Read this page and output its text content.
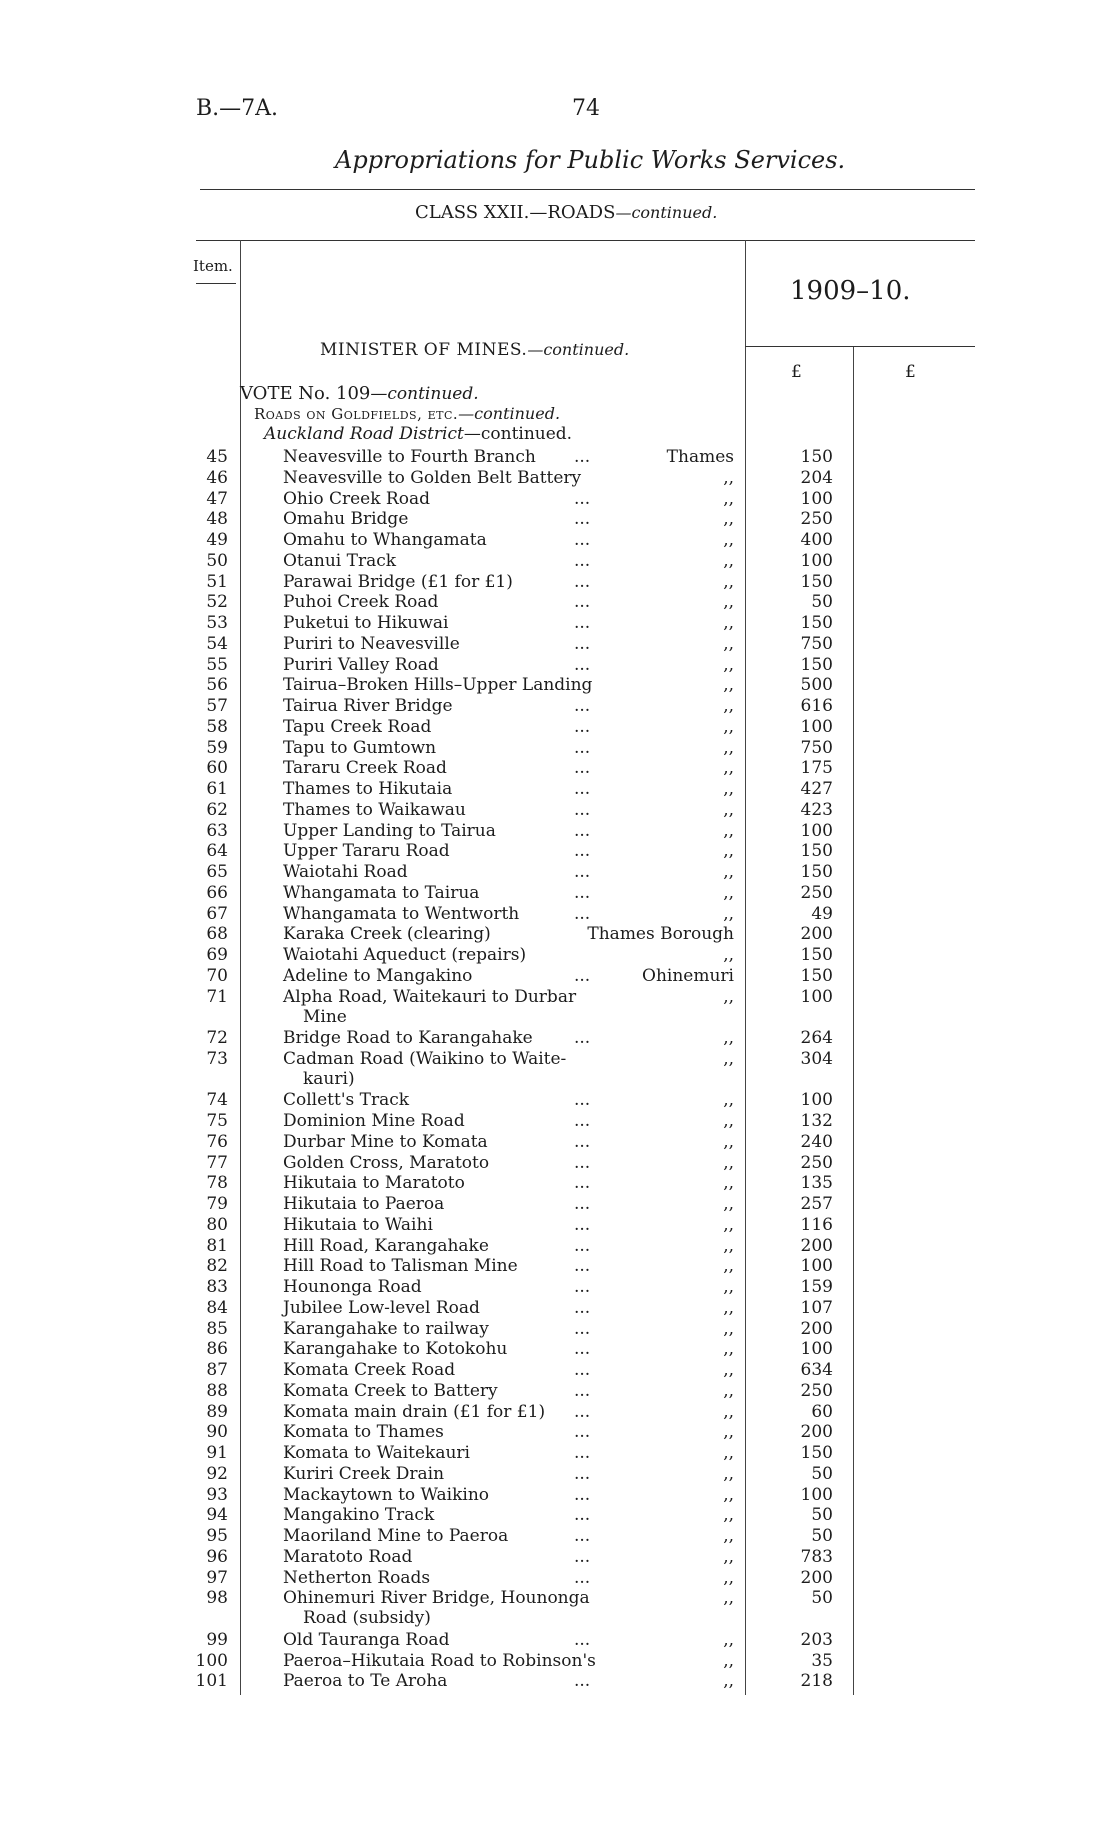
B.—7A.	74
Appropriations for Public Works Services.
CLASS XXII.—ROADS—continued.
Item.
1909–10.
MINISTER OF MINES.—continued.
£	£
VOTE No. 109—continued.
Roads on Goldfields, etc.—continued.
Auckland Road District—continued.
45	Neavesville to Fourth Branch ...	Thames	150
46	Neavesville to Golden Belt Battery	,,	204
47	Ohio Creek Road	...	,,	100
48	Omahu Bridge	...	,,	250
49	Omahu to Whangamata	...	,,	400
50	Otanui Track	...	,,	100
51	Parawai Bridge (£1 for £1)	...	,,	150
52	Puhoi Creek Road	...	,,	50
53	Puketui to Hikuwai	...	,,	150
54	Puriri to Neavesville	...	,,	750
55	Puriri Valley Road	...	,,	150
56	Tairua–Broken Hills–Upper Landing	,,	500
57	Tairua River Bridge	...	,,	616
58	Tapu Creek Road	...	,,	100
59	Tapu to Gumtown	...	,,	750
60	Tararu Creek Road	...	,,	175
61	Thames to Hikutaia	...	,,	427
62	Thames to Waikawau	...	,,	423
63	Upper Landing to Tairua	...	,,	100
64	Upper Tararu Road	...	,,	150
65	Waiotahi Road	...	,,	150
66	Whangamata to Tairua	...	,,	250
67	Whangamata to Wentworth	...	,,	49
68	Karaka Creek (clearing)	Thames Borough	200
69	Waiotahi Aqueduct (repairs)	,,	150
70	Adeline to Mangakino	...	Ohinemuri	150
71	Alpha Road, Waitekauri to Durbar	,,	100
Mine
72	Bridge Road to Karangahake ...	,,	264
73	Cadman Road (Waikino to Waite-	,,	304
kauri)
74	Collett's Track	...	,,	100
75	Dominion Mine Road	...	,,	132
76	Durbar Mine to Komata	...	,,	240
77	Golden Cross, Maratoto	...	,,	250
78	Hikutaia to Maratoto	...	,,	135
79	Hikutaia to Paeroa	...	,,	257
80	Hikutaia to Waihi	...	,,	116
81	Hill Road, Karangahake	...	,,	200
82	Hill Road to Talisman Mine	...	,,	100
83	Hounonga Road	...	,,	159
84	Jubilee Low-level Road	...	,,	107
85	Karangahake to railway	...	,,	200
86	Karangahake to Kotokohu	...	,,	100
87	Komata Creek Road	...	,,	634
88	Komata Creek to Battery	...	,,	250
89	Komata main drain (£1 for £1) ...	,,	60
90	Komata to Thames	...	,,	200
91	Komata to Waitekauri	...	,,	150
92	Kuriri Creek Drain	...	,,	50
93	Mackaytown to Waikino	...	,,	100
94	Mangakino Track	...	,,	50
95	Maoriland Mine to Paeroa	...	,,	50
96	Maratoto Road	...	,,	783
97	Netherton Roads	...	,,	200
98	Ohinemuri River Bridge, Hounonga	,,	50
Road (subsidy)
99	Old Tauranga Road	...	,,	203
100	Paeroa–Hikutaia Road to Robinson's	,,	35
101	Paeroa to Te Aroha	...	,,	218
